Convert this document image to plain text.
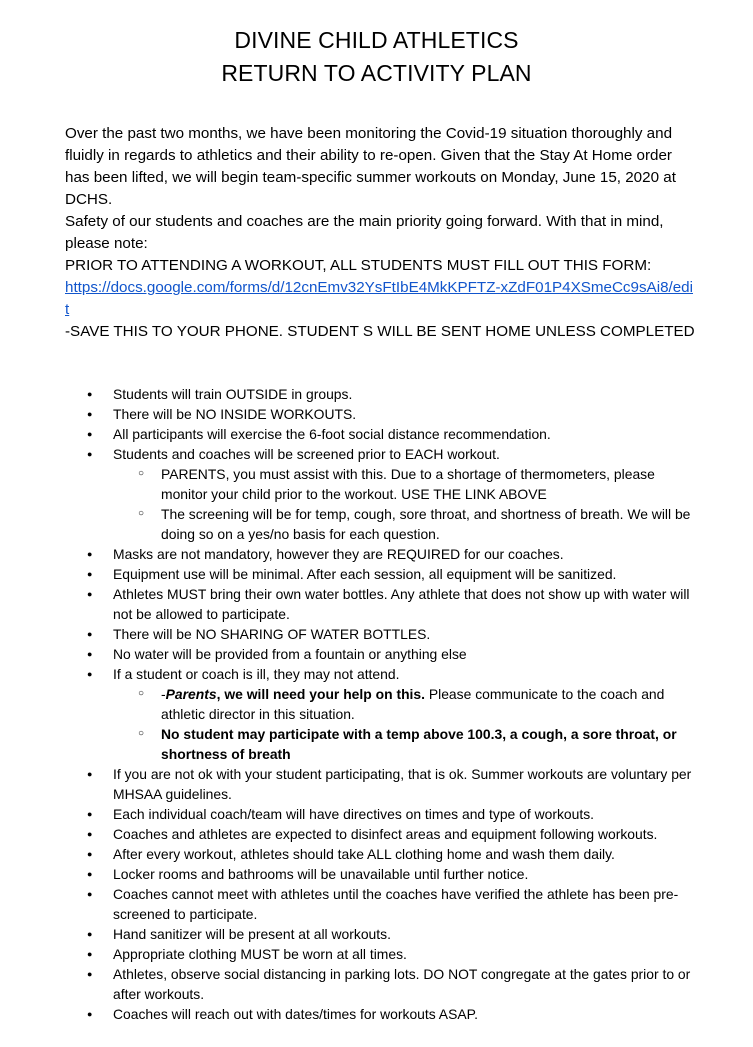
DIVINE CHILD ATHLETICS
RETURN TO ACTIVITY PLAN

Over the past two months, we have been monitoring the Covid-19 situation thoroughly and fluidly in regards to athletics and their ability to re-open. Given that the Stay At Home order has been lifted, we will begin team-specific summer workouts on Monday, June 15, 2020 at DCHS.

Safety of our students and coaches are the main priority going forward. With that in mind, please note:

PRIOR TO ATTENDING A WORKOUT, ALL STUDENTS MUST FILL OUT THIS FORM:

https://docs.google.com/forms/d/12cnEmv32YsFtIbE4MkKPFTZ-xZdF01P4XSmeCc9sAi8/edit

-SAVE THIS TO YOUR PHONE. STUDENT S WILL BE SENT HOME UNLESS COMPLETED

● Students will train OUTSIDE in groups.
● There will be NO INSIDE WORKOUTS.
● All participants will exercise the 6-foot social distance recommendation.
● Students and coaches will be screened prior to EACH workout.
○ PARENTS, you must assist with this. Due to a shortage of thermometers, please monitor your child prior to the workout. USE THE LINK ABOVE
○ The screening will be for temp, cough, sore throat, and shortness of breath. We will be doing so on a yes/no basis for each question.
● Masks are not mandatory, however they are REQUIRED for our coaches.
● Equipment use will be minimal. After each session, all equipment will be sanitized.
● Athletes MUST bring their own water bottles. Any athlete that does not show up with water will not be allowed to participate.
● There will be NO SHARING OF WATER BOTTLES.
● No water will be provided from a fountain or anything else
● If a student or coach is ill, they may not attend.
○ -Parents, we will need your help on this. Please communicate to the coach and athletic director in this situation.
○ No student may participate with a temp above 100.3, a cough, a sore throat, or shortness of breath
● If you are not ok with your student participating, that is ok. Summer workouts are voluntary per MHSAA guidelines.
● Each individual coach/team will have directives on times and type of workouts.
● Coaches and athletes are expected to disinfect areas and equipment following workouts.
● After every workout, athletes should take ALL clothing home and wash them daily.
● Locker rooms and bathrooms will be unavailable until further notice.
● Coaches cannot meet with athletes until the coaches have verified the athlete has been pre-screened to participate.
● Hand sanitizer will be present at all workouts.
● Appropriate clothing MUST be worn at all times.
● Athletes, observe social distancing in parking lots. DO NOT congregate at the gates prior to or after workouts.
● Coaches will reach out with dates/times for workouts ASAP.
